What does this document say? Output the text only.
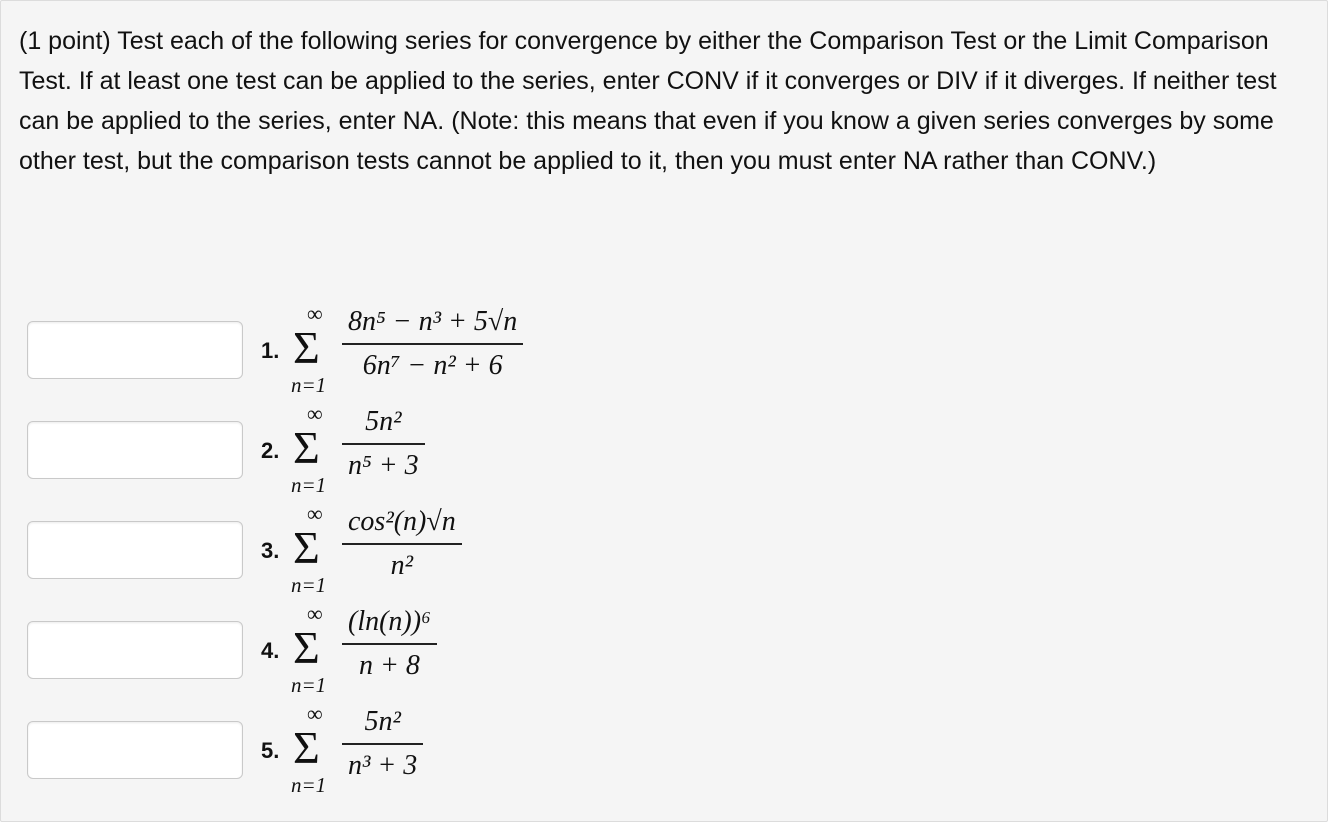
(1 point) Test each of the following series for convergence by either the Comparison Test or the Limit Comparison Test. If at least one test can be applied to the series, enter CONV if it converges or DIV if it diverges. If neither test can be applied to the series, enter NA. (Note: this means that even if you know a given series converges by some other test, but the comparison tests cannot be applied to it, then you must enter NA rather than CONV.)
1.
∞
Σ
n=1
8n⁵ − n³ + 5√n
6n⁷ − n² + 6
2.
∞
Σ
n=1
5n²
n⁵ + 3
3.
∞
Σ
n=1
cos²(n)√n
n²
4.
∞
Σ
n=1
(ln(n))⁶
n + 8
5.
∞
Σ
n=1
5n²
n³ + 3
